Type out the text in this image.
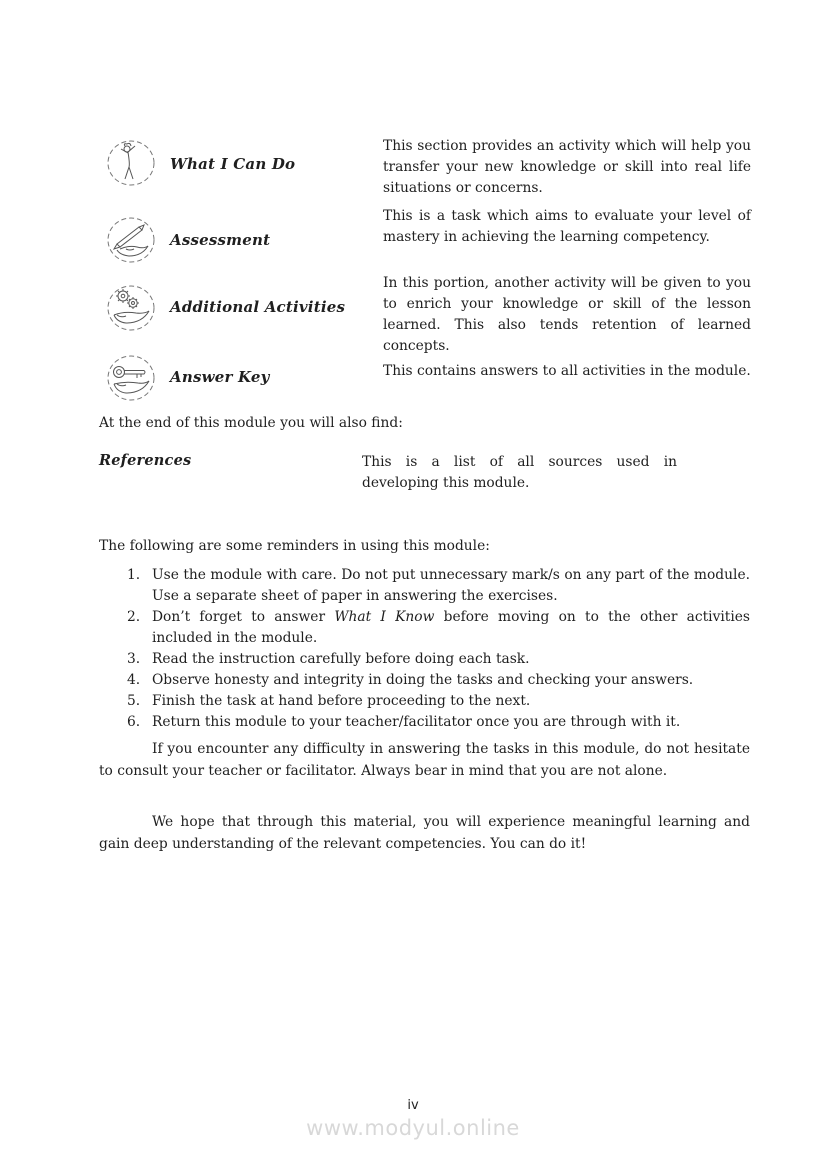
What I Can Do
This section provides an activity which will help you transfer your new knowledge or skill into real life situations or concerns.
Assessment
This is a task which aims to evaluate your level of mastery in achieving the learning competency.
Additional Activities
In this portion, another activity will be given to you to enrich your knowledge or skill of the lesson learned. This also tends retention of learned concepts.
Answer Key	This contains answers to all activities in the module.
At the end of this module you will also find:
References	This is a list of all sources used in developing this module.
The following are some reminders in using this module:
1. Use the module with care. Do not put unnecessary mark/s on any part of the module. Use a separate sheet of paper in answering the exercises.
2. Don’t forget to answer What I Know before moving on to the other activities included in the module.
3. Read the instruction carefully before doing each task.
4. Observe honesty and integrity in doing the tasks and checking your answers.
5. Finish the task at hand before proceeding to the next.
6. Return this module to your teacher/facilitator once you are through with it.
If you encounter any difficulty in answering the tasks in this module, do not hesitate to consult your teacher or facilitator. Always bear in mind that you are not alone.
We hope that through this material, you will experience meaningful learning and gain deep understanding of the relevant competencies. You can do it!
iv
www.modyul.online
